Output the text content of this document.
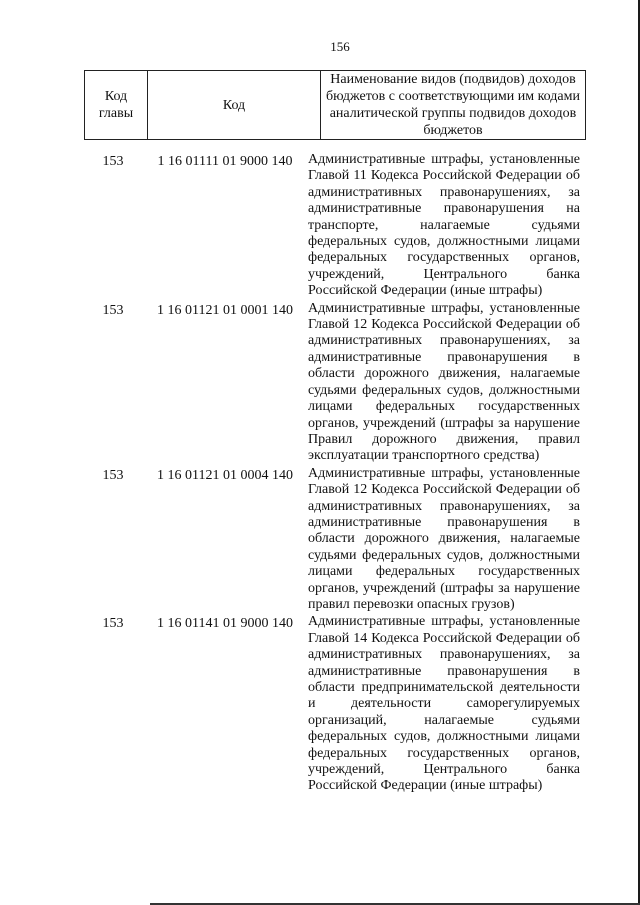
156
Код главы	Код	Наименование видов (подвидов) доходов бюджетов с соответствующими им кодами аналитической группы подвидов доходов бюджетов
153	1 16 01111 01 9000 140	Административные штрафы, установленные Главой 11 Кодекса Российской Федерации об административных правонарушениях, за административные правонарушения на транспорте, налагаемые судьями федеральных судов, должностными лицами федеральных государственных органов, учреждений, Центрального банка Российской Федерации (иные штрафы)
153	1 16 01121 01 0001 140	Административные штрафы, установленные Главой 12 Кодекса Российской Федерации об административных правонарушениях, за административные правонарушения в области дорожного движения, налагаемые судьями федеральных судов, должностными лицами федеральных государственных органов, учреждений (штрафы за нарушение Правил дорожного движения, правил эксплуатации транспортного средства)
153	1 16 01121 01 0004 140	Административные штрафы, установленные Главой 12 Кодекса Российской Федерации об административных правонарушениях, за административные правонарушения в области дорожного движения, налагаемые судьями федеральных судов, должностными лицами федеральных государственных органов, учреждений (штрафы за нарушение правил перевозки опасных грузов)
153	1 16 01141 01 9000 140	Административные штрафы, установленные Главой 14 Кодекса Российской Федерации об административных правонарушениях, за административные правонарушения в области предпринимательской деятельности и деятельности саморегулируемых организаций, налагаемые судьями федеральных судов, должностными лицами федеральных государственных органов, учреждений, Центрального банка Российской Федерации (иные штрафы)
